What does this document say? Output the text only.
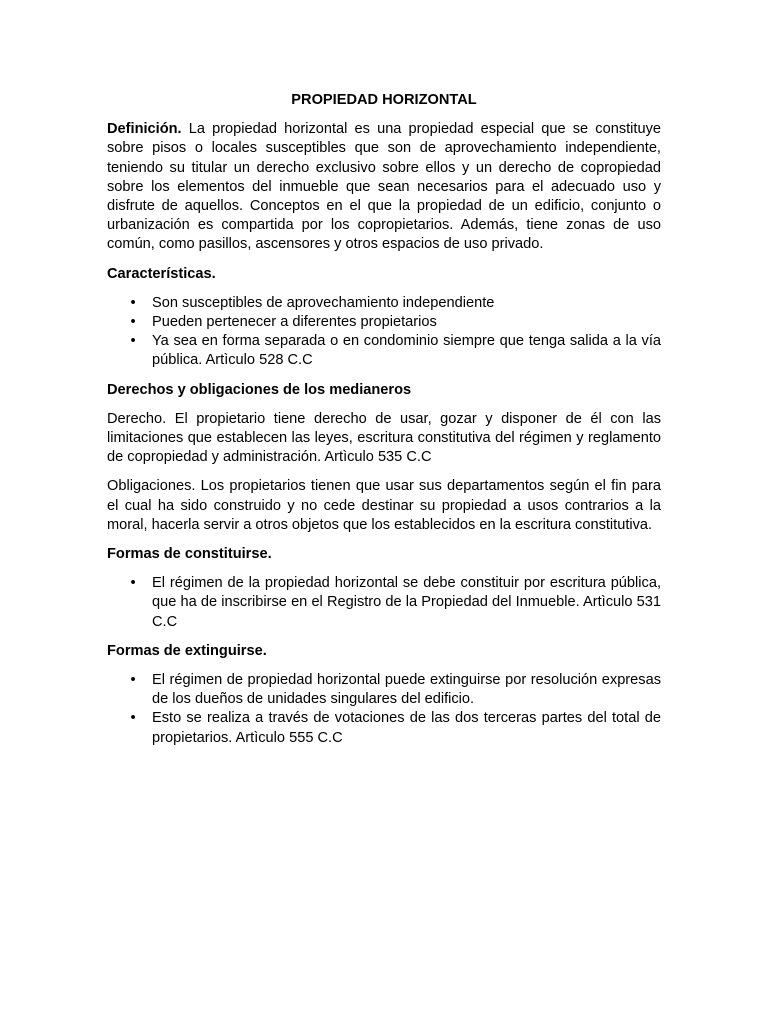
PROPIEDAD HORIZONTAL

Definición. La propiedad horizontal es una propiedad especial que se constituye sobre pisos o locales susceptibles que son de aprovechamiento independiente, teniendo su titular un derecho exclusivo sobre ellos y un derecho de copropiedad sobre los elementos del inmueble que sean necesarios para el adecuado uso y disfrute de aquellos. Conceptos en el que la propiedad de un edificio, conjunto o urbanización es compartida por los copropietarios. Además, tiene zonas de uso común, como pasillos, ascensores y otros espacios de uso privado.

Características.
• Son susceptibles de aprovechamiento independiente
• Pueden pertenecer a diferentes propietarios
• Ya sea en forma separada o en condominio siempre que tenga salida a la vía pública. Artìculo 528 C.C
Derechos y obligaciones de los medianeros

Derecho. El propietario tiene derecho de usar, gozar y disponer de él con las limitaciones que establecen las leyes, escritura constitutiva del régimen y reglamento de copropiedad y administración. Artìculo 535 C.C

Obligaciones. Los propietarios tienen que usar sus departamentos según el fin para el cual ha sido construido y no cede destinar su propiedad a usos contrarios a la moral, hacerla servir a otros objetos que los establecidos en la escritura constitutiva.

Formas de constituirse.
• El régimen de la propiedad horizontal se debe constituir por escritura pública, que ha de inscribirse en el Registro de la Propiedad del Inmueble. Artìculo 531 C.C
Formas de extinguirse.
• El régimen de propiedad horizontal puede extinguirse por resolución expresas de los dueños de unidades singulares del edificio.
• Esto se realiza a través de votaciones de las dos terceras partes del total de propietarios. Artìculo 555 C.C
